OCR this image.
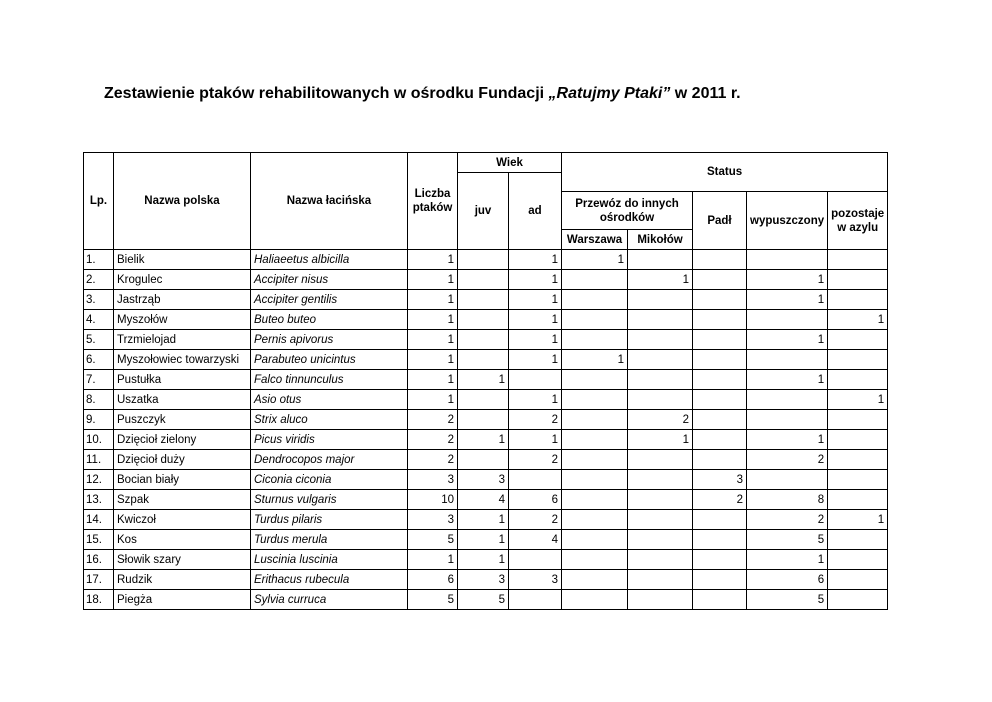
Zestawienie ptaków rehabilitowanych w ośrodku Fundacji „Ratujmy Ptaki” w 2011 r.
Lp.	Nazwa polska	Nazwa łacińska	Liczba ptaków	Wiek		Status				
				juv	ad					
						Przewóz do innych ośrodków		Padł	wypuszczony	pozostaje w azylu
						Warszawa	Mikołów			
1.	Bielik	Haliaeetus albicilla	1		1	1				
2.	Krogulec	Accipiter nisus	1		1		1		1	
3.	Jastrząb	Accipiter gentilis	1		1				1	
4.	Myszołów	Buteo buteo	1		1					1
5.	Trzmielojad	Pernis apivorus	1		1				1	
6.	Myszołowiec towarzyski	Parabuteo unicintus	1		1	1				
7.	Pustułka	Falco tinnunculus	1	1					1	
8.	Uszatka	Asio otus	1		1					1
9.	Puszczyk	Strix aluco	2		2		2			
10.	Dzięcioł zielony	Picus viridis	2	1	1		1		1	
11.	Dzięcioł duży	Dendrocopos major	2		2				2	
12.	Bocian biały	Ciconia ciconia	3	3				3		
13.	Szpak	Sturnus vulgaris	10	4	6			2	8	
14.	Kwiczoł	Turdus pilaris	3	1	2				2	1
15.	Kos	Turdus merula	5	1	4				5	
16.	Słowik szary	Luscinia luscinia	1	1					1	
17.	Rudzik	Erithacus rubecula	6	3	3				6	
18.	Piegża	Sylvia curruca	5	5					5	
